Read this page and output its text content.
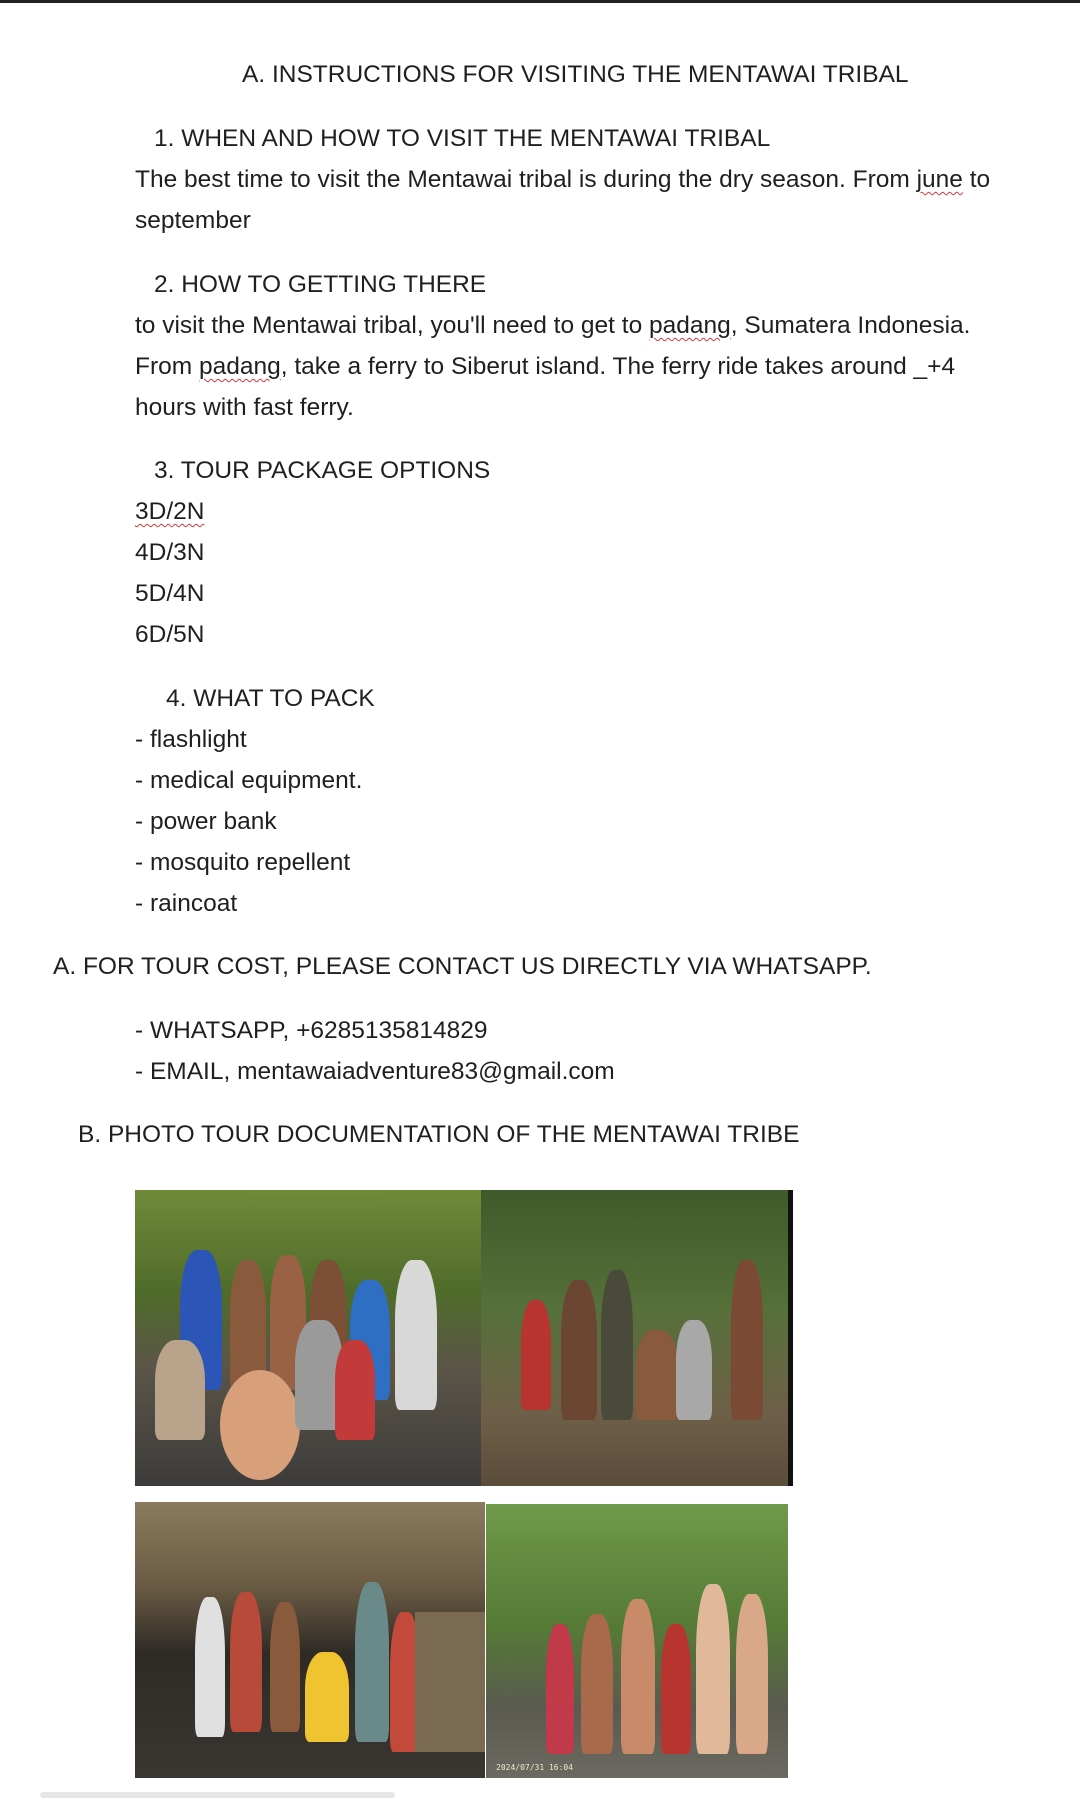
A. INSTRUCTIONS FOR VISITING THE MENTAWAI TRIBAL
1. WHEN AND HOW TO VISIT THE MENTAWAI TRIBAL
The best time to visit the Mentawai tribal is during the dry season. From june to
september
2. HOW TO GETTING THERE
to visit the Mentawai tribal, you'll need to get to padang, Sumatera Indonesia.
From padang, take a ferry to Siberut island. The ferry ride takes around _+4
hours with fast ferry.
3. TOUR PACKAGE OPTIONS
3D/2N
4D/3N
5D/4N
6D/5N
4. WHAT TO PACK
- flashlight
- medical equipment.
- power bank
- mosquito repellent
- raincoat
A. FOR TOUR COST, PLEASE CONTACT US DIRECTLY VIA WHATSAPP.
- WHATSAPP, +6285135814829
- EMAIL, mentawaiadventure83@gmail.com
B. PHOTO TOUR DOCUMENTATION OF THE MENTAWAI TRIBE
2024/07/31 16:04
